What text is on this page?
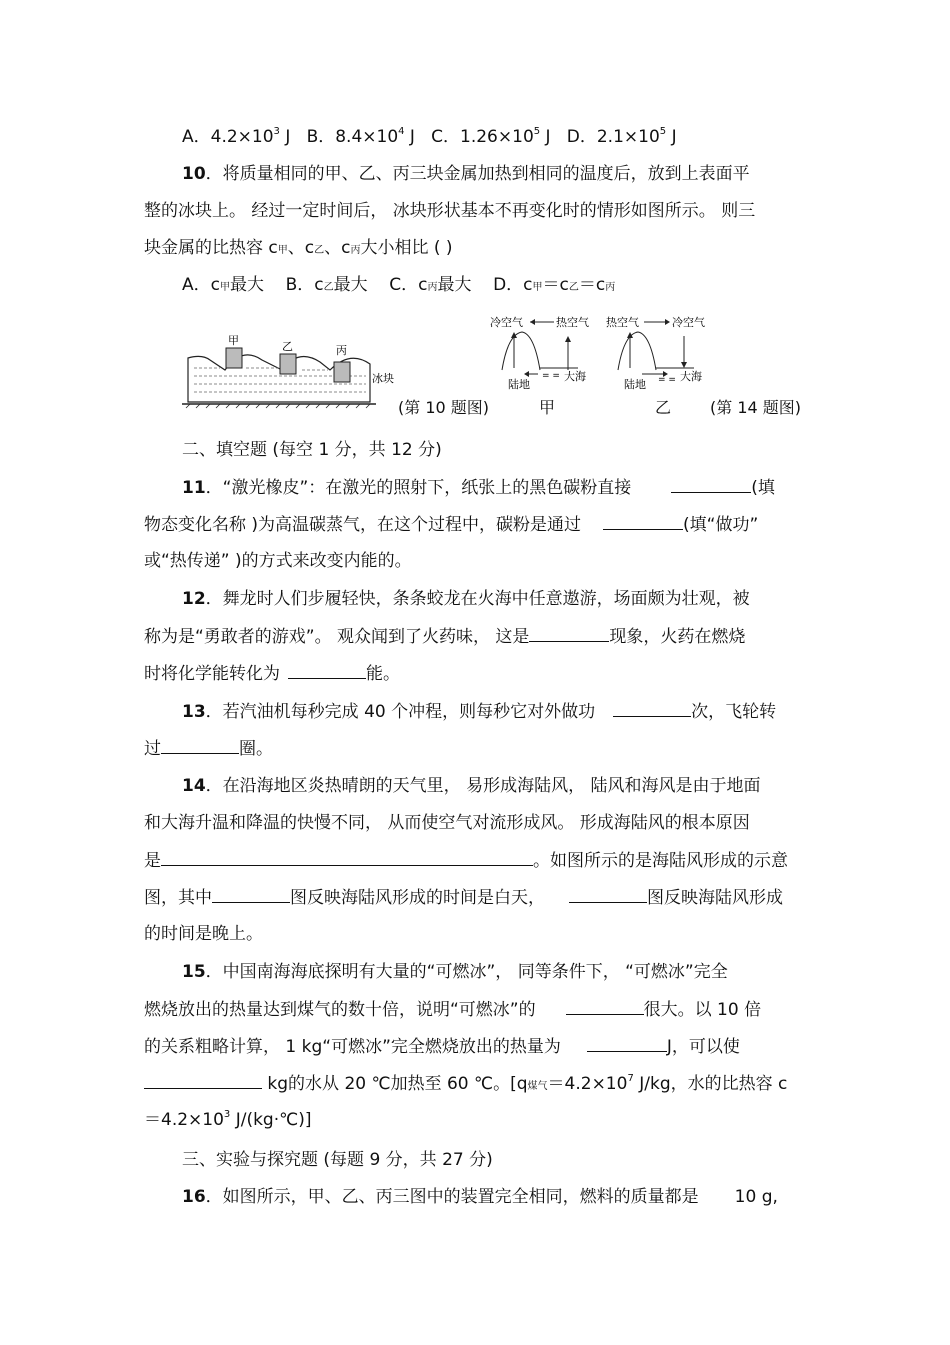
A．$4.2\times 10^3$ J B．$8.4\times 10^4$ J C．$1.26\times 10^5$ J D．$2.1\times 10^5$ J
10．将质量相同的甲、乙、丙三块金属加热到相同的温度后，放到上表面平
整的冰块上。 经过一定时间后， 冰块形状基本不再变化时的情形如图所示。 则三
块金属的比热容 c甲、c乙、c丙大小相比 ( )
A．c甲最大 B．c乙最大 C．c丙最大 D．c甲＝c乙＝c丙
甲	乙	丙
冰块
(第 10 题图)
冷空气	热空气
= =
陆地
大海
甲
热空气	冷空气
= =
陆地
大海
乙 (第 14 题图)
二、填空题 (每空 1 分，共 12 分)
11．“激光橡皮”：在激光的照射下，纸张上的黑色碳粉直接	(填
物态变化名称 )为高温碳蒸气，在这个过程中，碳粉是通过	(填“做功”
或“热传递” )的方式来改变内能的。
12．舞龙时人们步履轻快，条条蛟龙在火海中任意遨游，场面颇为壮观，被
称为是“勇敢者的游戏”。 观众闻到了火药味， 这是	现象，火药在燃烧
时将化学能转化为	能。
13．若汽油机每秒完成 40 个冲程，则每秒它对外做功	次，飞轮转
过	圈。
14．在沿海地区炎热晴朗的天气里， 易形成海陆风， 陆风和海风是由于地面
和大海升温和降温的快慢不同， 从而使空气对流形成风。 形成海陆风的根本原因
是	。如图所示的是海陆风形成的示意
图，其中	图反映海陆风形成的时间是白天，	图反映海陆风形成
的时间是晚上。
15．中国南海海底探明有大量的“可燃冰”， 同等条件下， “可燃冰”完全
燃烧放出的热量达到煤气的数十倍，说明“可燃冰”的	很大。以 10 倍
的关系粗略计算， 1 kg“可燃冰”完全燃烧放出的热量为	J，可以使
kg的水从 20 ℃加热至 60 ℃。[q煤气$=4.2\times 10^7$ J/kg，水的比热容 c
$=4.2\times 10^3$ J/(kg·℃)]
三、实验与探究题 (每题 9 分，共 27 分)
16．如图所示，甲、乙、丙三图中的装置完全相同，燃料的质量都是 10 g,
